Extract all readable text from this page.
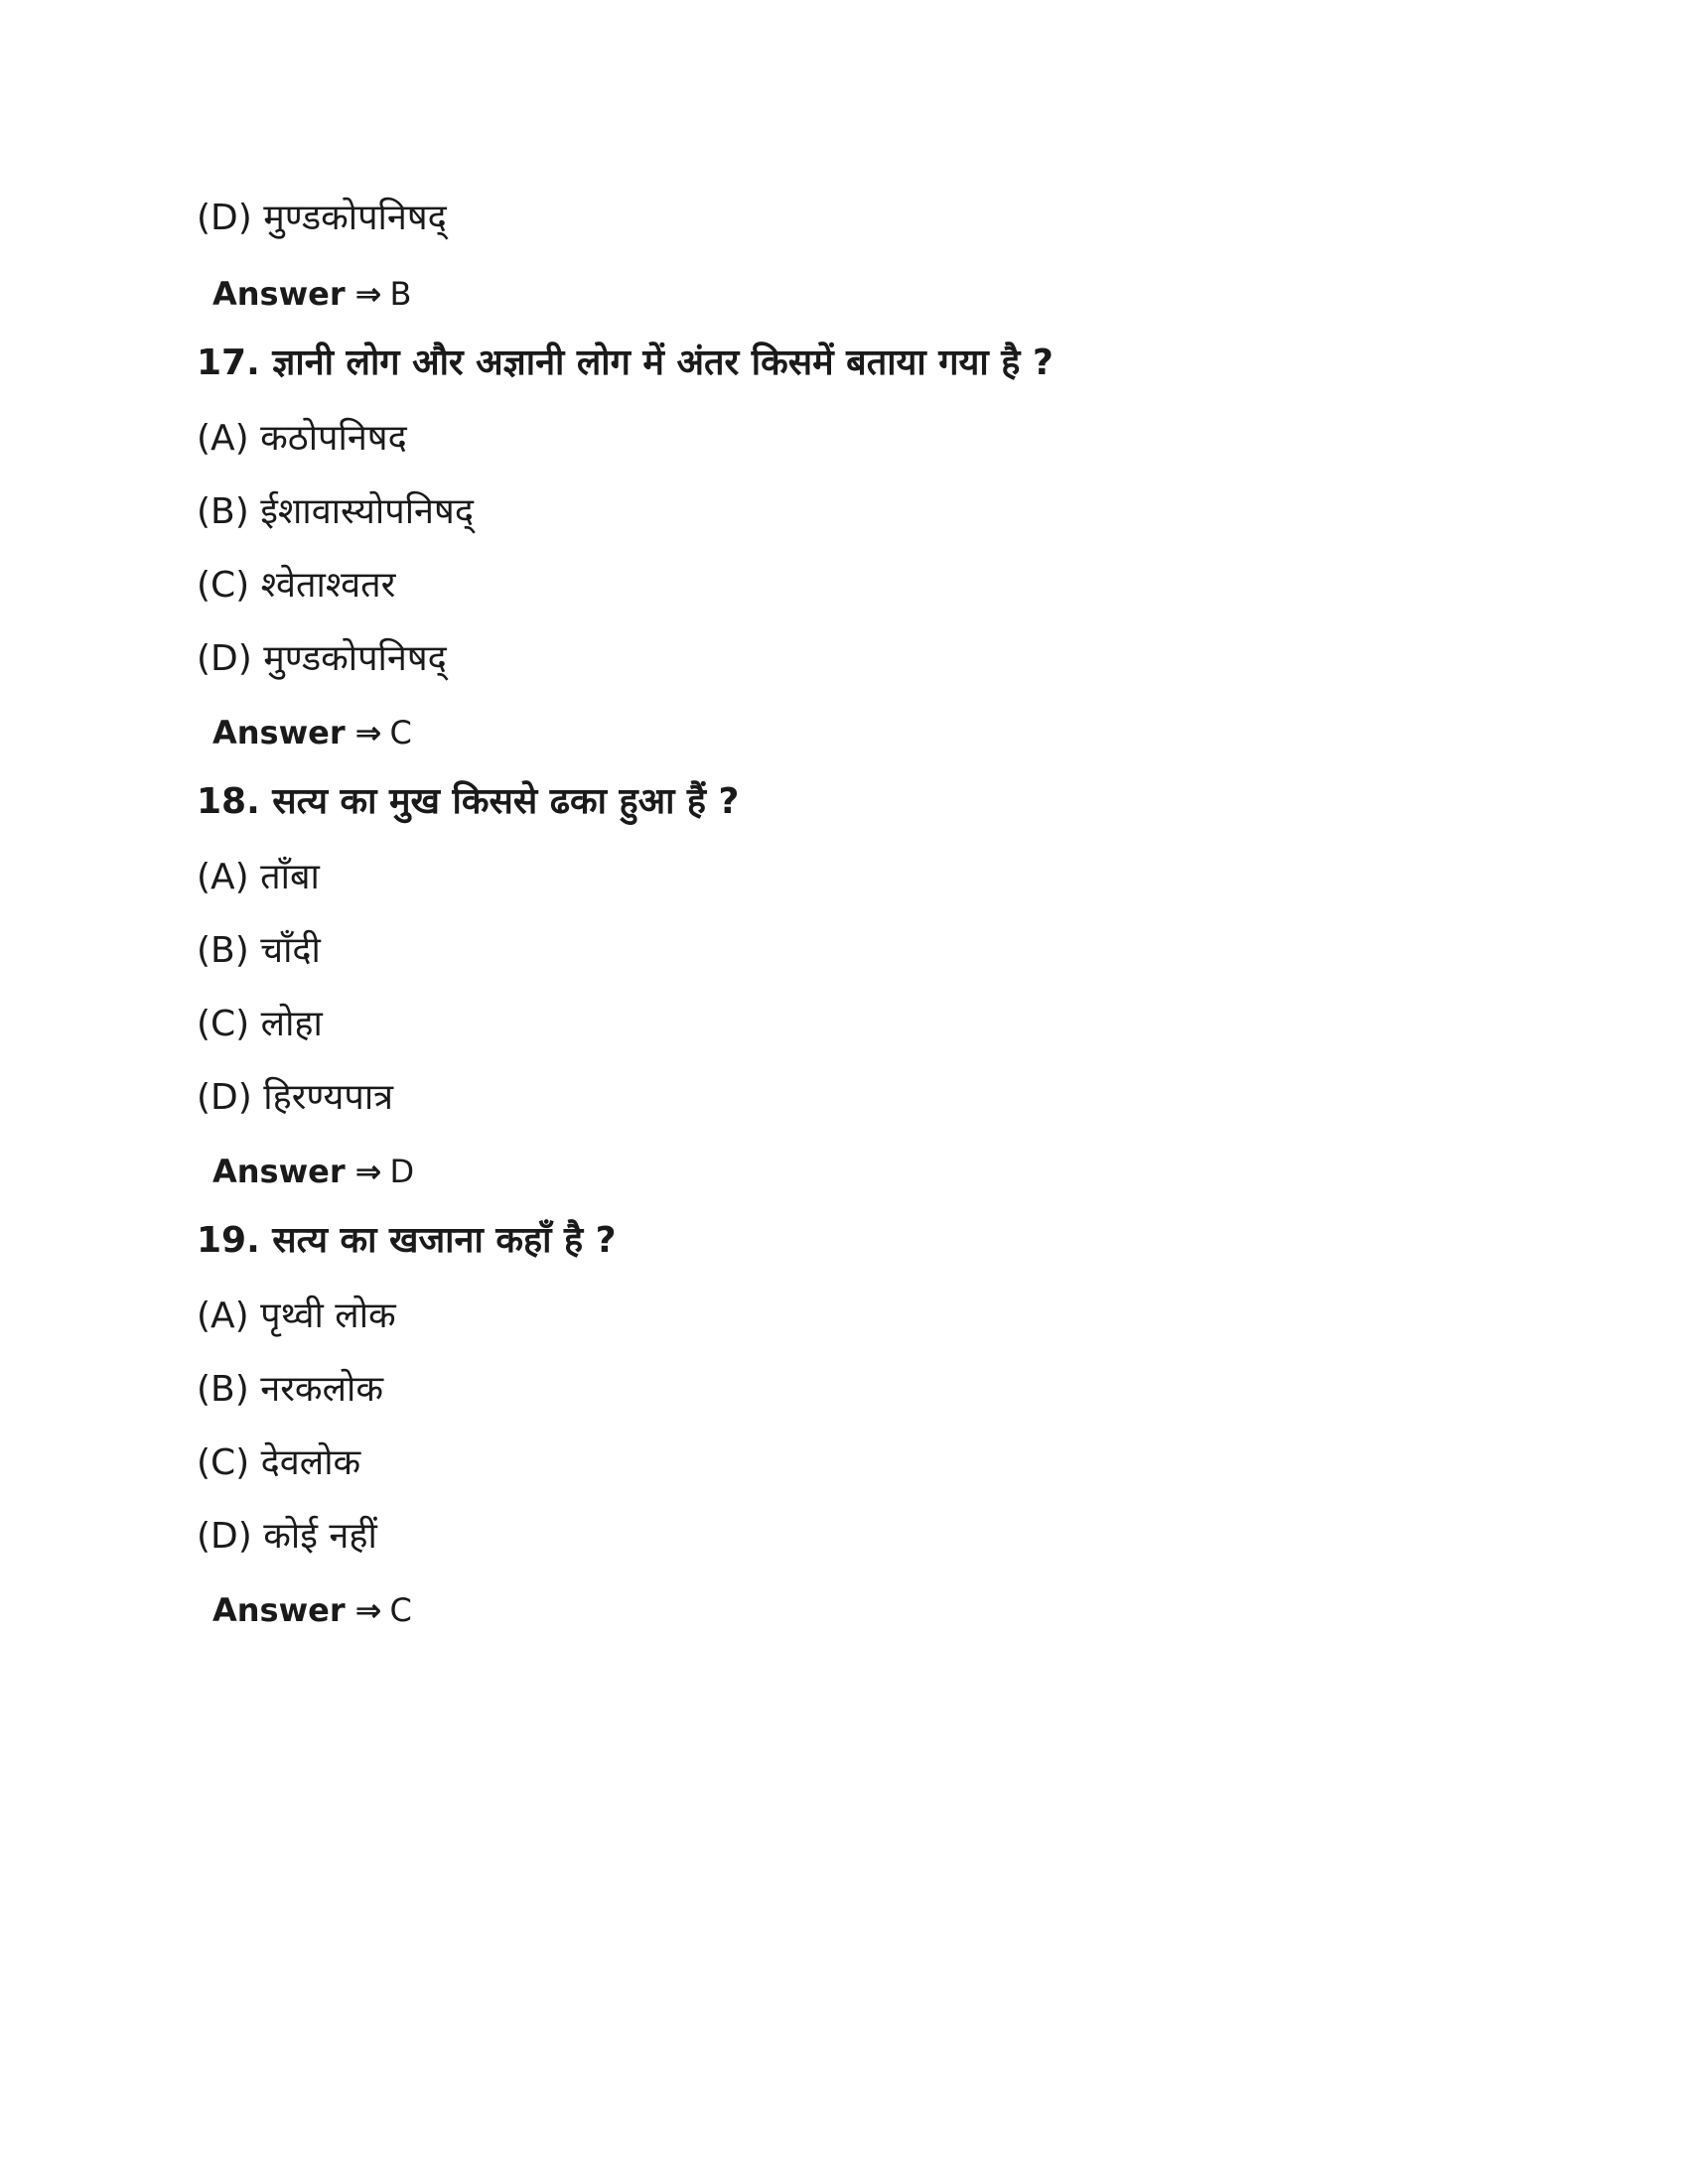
(D) मुण्डकोपनिषद्
Answer ⇒ B
17. ज्ञानी लोग और अज्ञानी लोग में अंतर किसमें बताया गया है ?
(A) कठोपनिषद
(B) ईशावास्योपनिषद्
(C) श्वेताश्वतर
(D) मुण्डकोपनिषद्
Answer ⇒ C
18. सत्य का मुख किससे ढका हुआ हैं ?
(A) ताँबा
(B) चाँदी
(C) लोहा
(D) हिरण्यपात्र
Answer ⇒ D
19. सत्य का खजाना कहाँ है ?
(A) पृथ्वी लोक
(B) नरकलोक
(C) देवलोक
(D) कोई नहीं
Answer ⇒ C
